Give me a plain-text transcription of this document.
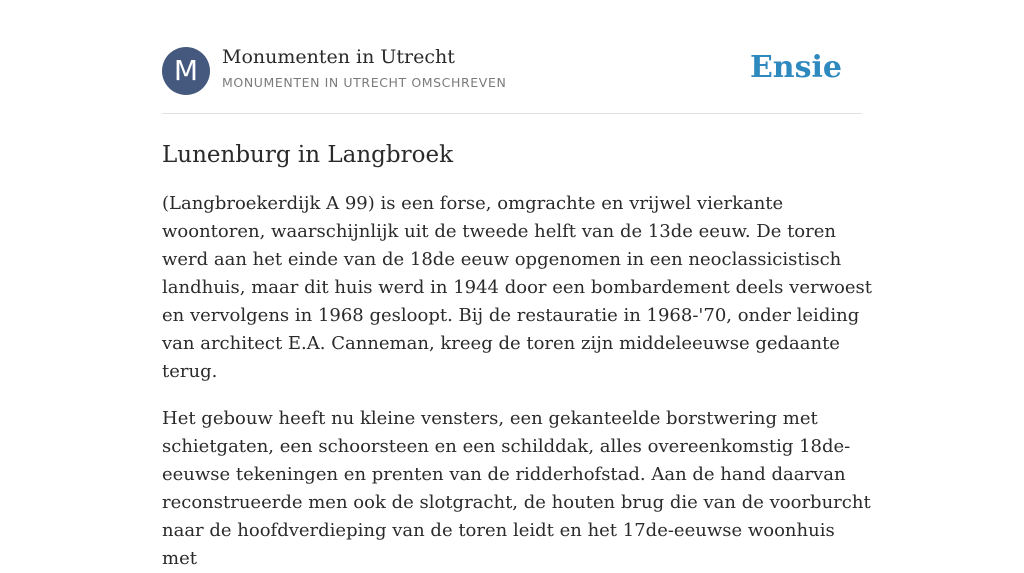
M	Monumenten in Utrecht
MONUMENTEN IN UTRECHT OMSCHREVEN	Ensie
Lunenburg in Langbroek

(Langbroekerdijk A 99) is een forse, omgrachte en vrijwel vierkante woontoren, waarschijnlijk uit de tweede helft van de 13de eeuw. De toren werd aan het einde van de 18de eeuw opgenomen in een neoclassicistisch landhuis, maar dit huis werd in 1944 door een bombardement deels verwoest en vervolgens in 1968 gesloopt. Bij de restauratie in 1968-'70, onder leiding van architect E.A. Canneman, kreeg de toren zijn middeleeuwse gedaante terug.

Het gebouw heeft nu kleine vensters, een gekanteelde borstwering met schietgaten, een schoorsteen en een schilddak, alles overeenkomstig 18de-eeuwse tekeningen en prenten van de ridderhofstad. Aan de hand daarvan reconstrueerde men ook de slotgracht, de houten brug die van de voorburcht naar de hoofdverdieping van de toren leidt en het 17de-eeuwse woonhuis met
